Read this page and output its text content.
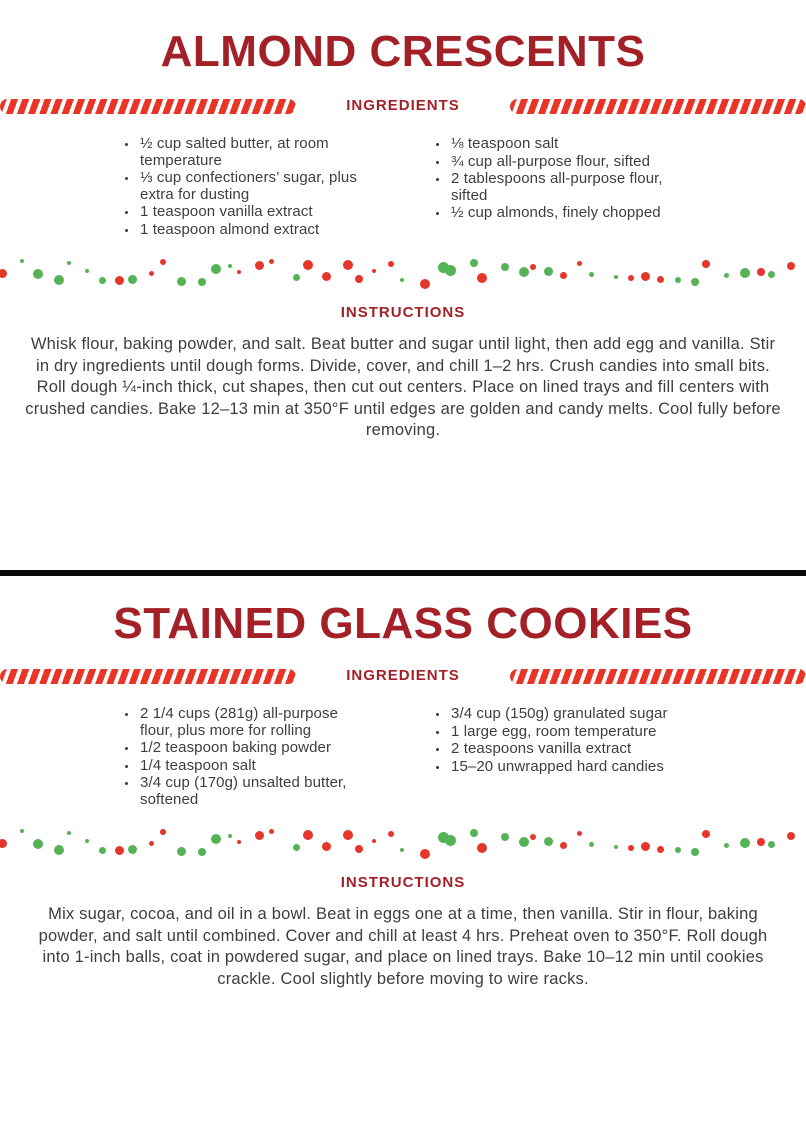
ALMOND CRESCENTS
INGREDIENTS
• ½ cup salted butter, at room temperature
• ⅓ cup confectioners’ sugar, plus extra for dusting
• 1 teaspoon vanilla extract
• 1 teaspoon almond extract
• ⅛ teaspoon salt
• ¾ cup all-purpose flour, sifted
• 2 tablespoons all-purpose flour, sifted
• ½ cup almonds, finely chopped
INSTRUCTIONS

Whisk flour, baking powder, and salt. Beat butter and sugar until light, then add egg and vanilla. Stir in dry ingredients until dough forms. Divide, cover, and chill 1–2 hrs. Crush candies into small bits. Roll dough ¼-inch thick, cut shapes, then cut out centers. Place on lined trays and fill centers with crushed candies. Bake 12–13 min at 350°F until edges are golden and candy melts. Cool fully before removing.

STAINED GLASS COOKIES
INGREDIENTS
• 2 1/4 cups (281g) all-purpose flour, plus more for rolling
• 1/2 teaspoon baking powder
• 1/4 teaspoon salt
• 3/4 cup (170g) unsalted butter, softened
• 3/4 cup (150g) granulated sugar
• 1 large egg, room temperature
• 2 teaspoons vanilla extract
• 15–20 unwrapped hard candies
INSTRUCTIONS

Mix sugar, cocoa, and oil in a bowl. Beat in eggs one at a time, then vanilla. Stir in flour, baking powder, and salt until combined. Cover and chill at least 4 hrs. Preheat oven to 350°F. Roll dough into 1-inch balls, coat in powdered sugar, and place on lined trays. Bake 10–12 min until cookies crackle. Cool slightly before moving to wire racks.
